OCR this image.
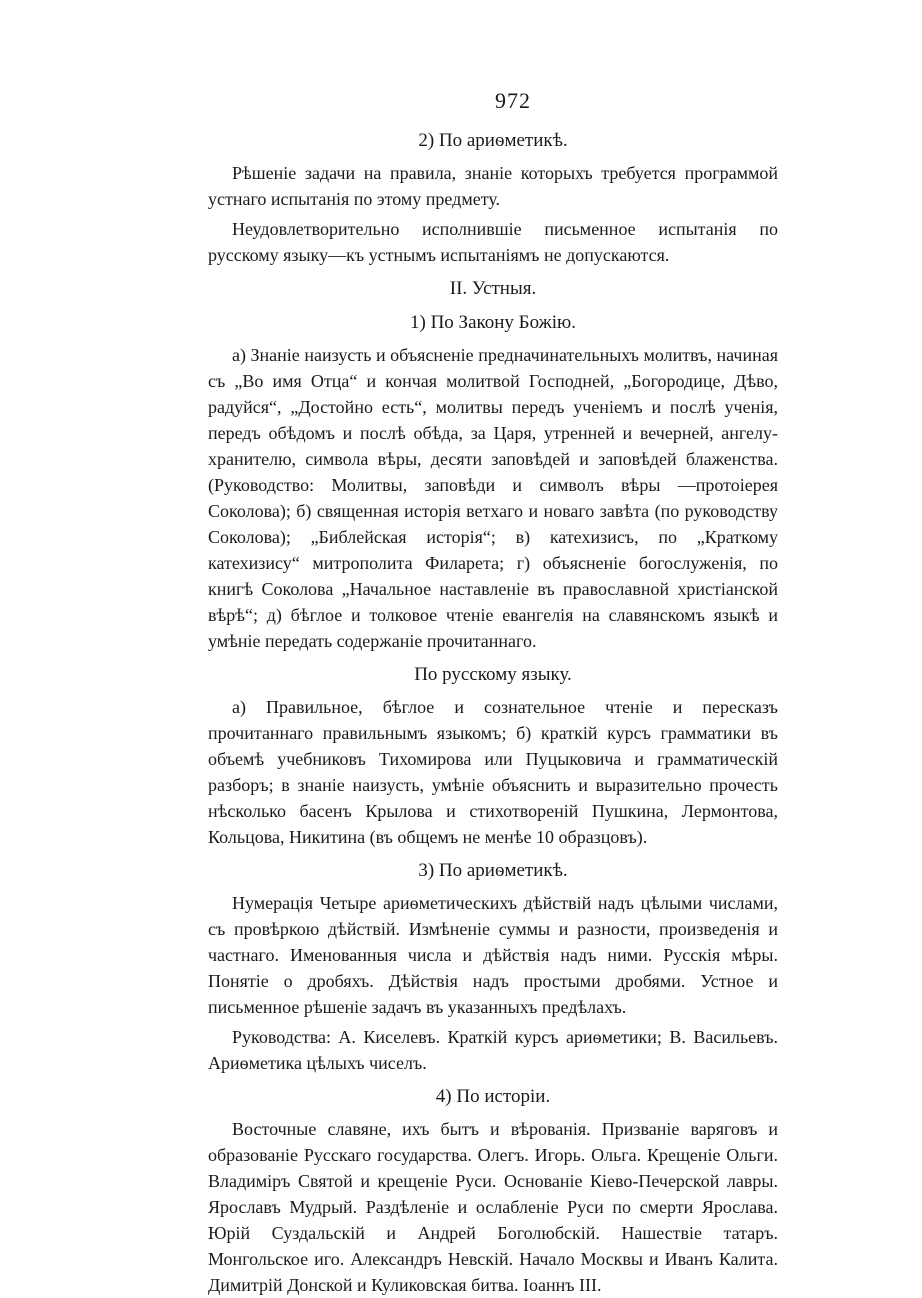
972
2) По ариѳметикѣ.

Рѣшеніе задачи на правила, знаніе которыхъ требуется программой устнаго испытанія по этому предмету.

Неудовлетворительно исполнившіе письменное испытанія по русскому языку—къ устнымъ испытаніямъ не допускаются.

II. Устныя.
1) По Закону Божію.

а) Знаніе наизусть и объясненіе предначинательныхъ молитвъ, начиная съ „Во имя Отца“ и кончая молитвой Господней, „Богородице, Дѣво, радуйся“, „Достойно есть“, молитвы передъ ученіемъ и послѣ ученія, передъ обѣдомъ и послѣ обѣда, за Царя, утренней и вечерней, ангелу-хранителю, символа вѣры, десяти заповѣдей и заповѣдей блаженства. (Руководство: Молитвы, заповѣди и символъ вѣры —протоіерея Соколова); б) священная исторія ветхаго и новаго завѣта (по руководству Соколова); „Библейская исторія“; в) катехизисъ, по „Краткому катехизису“ митрополита Филарета; г) объясненіе богослуженія, по книгѣ Соколова „Начальное наставленіе въ православной христіанской вѣрѣ“; д) бѣглое и толковое чтеніе евангелія на славянскомъ языкѣ и умѣніе передать содержаніе прочитаннаго.

По русскому языку.

а) Правильное, бѣглое и сознательное чтеніе и пересказъ прочитаннаго правильнымъ языкомъ; б) краткій курсъ грамматики въ объемѣ учебниковъ Тихомирова или Пуцыковича и грамматическій разборъ; в знаніе наизусть, умѣніе объяснить и выразительно прочесть нѣсколько басенъ Крылова и стихотвореній Пушкина, Лермонтова, Кольцова, Никитина (въ общемъ не менѣе 10 образцовъ).

3) По ариѳметикѣ.

Нумерація Четыре ариѳметическихъ дѣйствій надъ цѣлыми числами, съ провѣркою дѣйствій. Измѣненіе суммы и разности, произведенія и частнаго. Именованныя числа и дѣйствія надъ ними. Русскія мѣры. Понятіе о дробяхъ. Дѣйствія надъ простыми дробями. Устное и письменное рѣшеніе задачъ въ указанныхъ предѣлахъ.

Руководства: А. Киселевъ. Краткій курсъ ариѳметики; В. Васильевъ. Ариѳметика цѣлыхъ чиселъ.

4) По исторіи.

Восточные славяне, ихъ бытъ и вѣрованія. Призваніе варяговъ и образованіе Русскаго государства. Олегъ. Игорь. Ольга. Крещеніе Ольги. Владиміръ Святой и крещеніе Руси. Основаніе Кіево-Печерской лавры. Ярославъ Мудрый. Раздѣленіе и ослабленіе Руси по смерти Ярослава. Юрій Суздальскій и Андрей Боголюбскій. Нашествіе татаръ. Монгольское иго. Александръ Невскій. Начало Москвы и Иванъ Калита. Димитрій Донской и Куликовская битва. Іоаннъ III.
